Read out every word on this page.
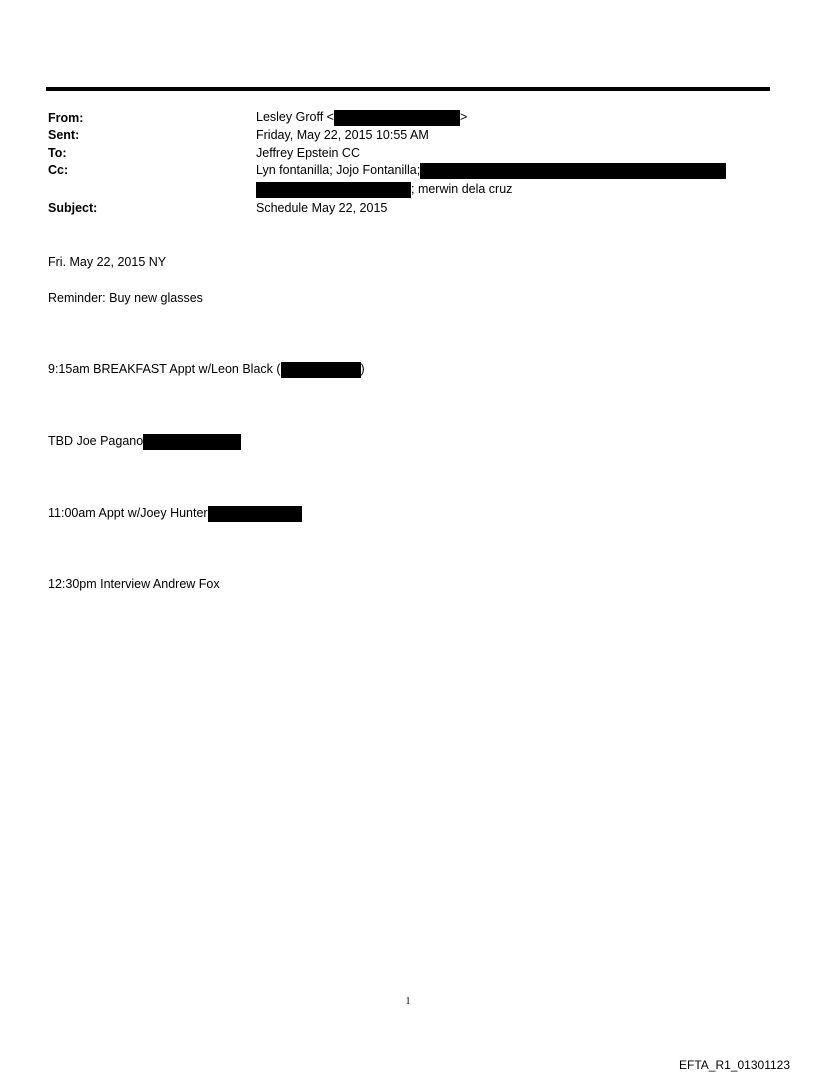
From:
Sent:
To:
Cc:
Subject:
Lesley Groff <	>
Friday, May 22, 2015 10:55 AM
Jeffrey Epstein CC
Lyn fontanilla; Jojo Fontanilla;
; merwin dela cruz
Schedule May 22, 2015
Fri. May 22, 2015 NY
Reminder: Buy new glasses
9:15am BREAKFAST Appt w/Leon Black (	)
TBD Joe Pagano
11:00am Appt w/Joey Hunter
12:30pm Interview Andrew Fox
1
EFTA_R1_01301123
